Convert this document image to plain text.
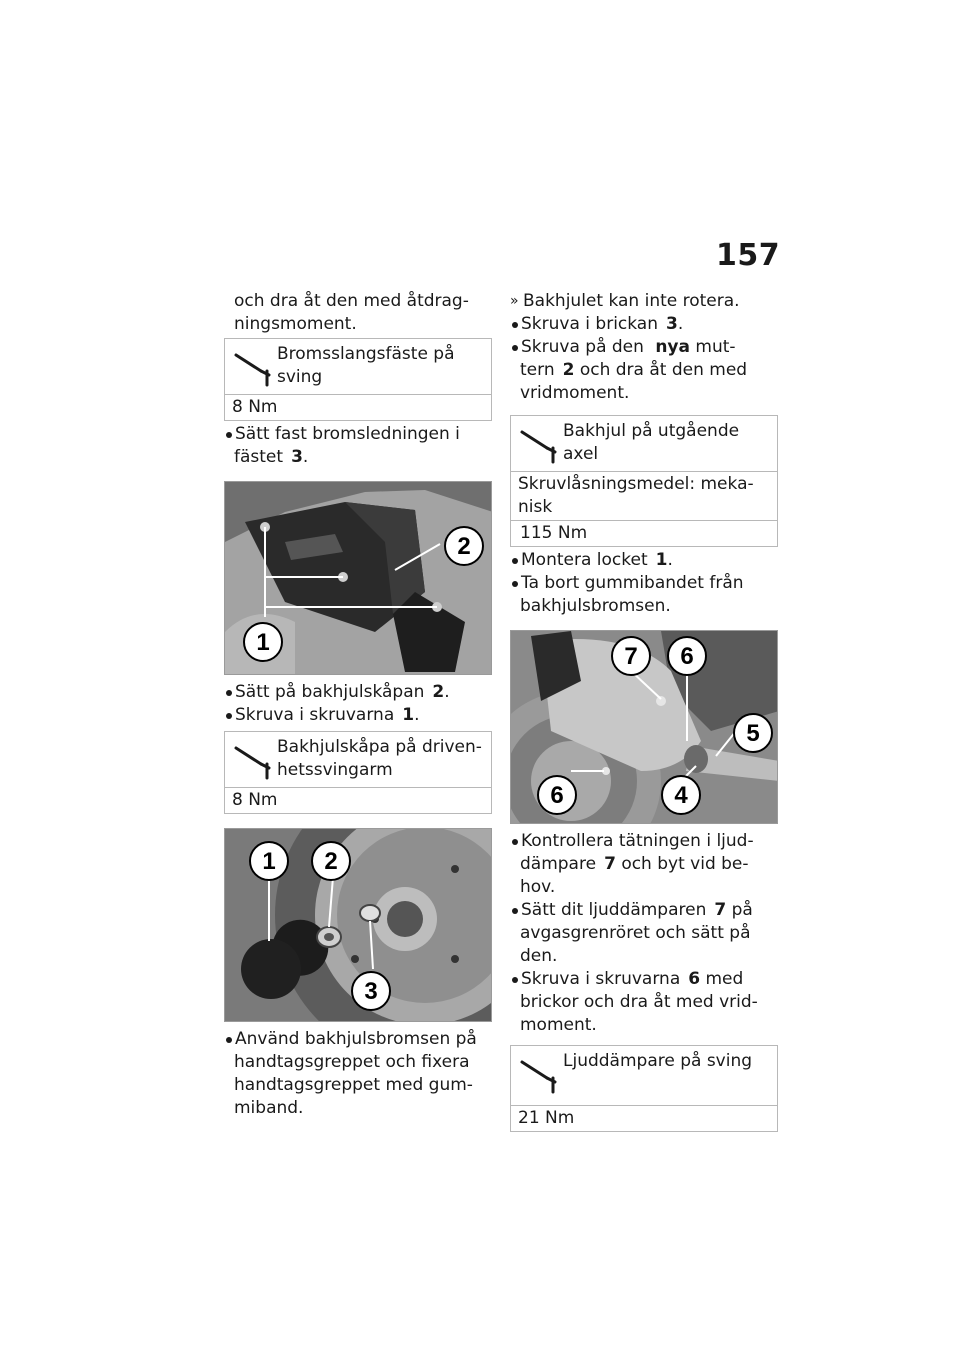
157

och dra åt den med åtdrag-

ningsmoment.

Bromsslangsfäste på
sving
8 Nm

Sätt fast bromsledningen i

fästet 3.

2
1

Sätt på bakhjulskåpan 2.

Skruva i skruvarna 1.

Bakhjulskåpa på driven-
hetssvingarm
8 Nm
1 2
3

Använd bakhjulsbromsen på

handtagsgreppet och fixera

handtagsgreppet med gum-

miband.

» Bakhjulet kan inte rotera.

Skruva i brickan 3.

Skruva på den nya mut-

tern 2 och dra åt den med

vridmoment.

Bakhjul på utgående
axel
Skruvlåsningsmedel: meka-
nisk
115 Nm

Montera locket 1.

Ta bort gummibandet från

bakhjulsbromsen.

7 6
5
6	4

Kontrollera tätningen i ljud-

dämpare 7 och byt vid be-

hov.

Sätt dit ljuddämparen 7 på

avgasgrenröret och sätt på

den.

Skruva i skruvarna 6 med

brickor och dra åt med vrid-

moment.

Ljuddämpare på sving
21 Nm
